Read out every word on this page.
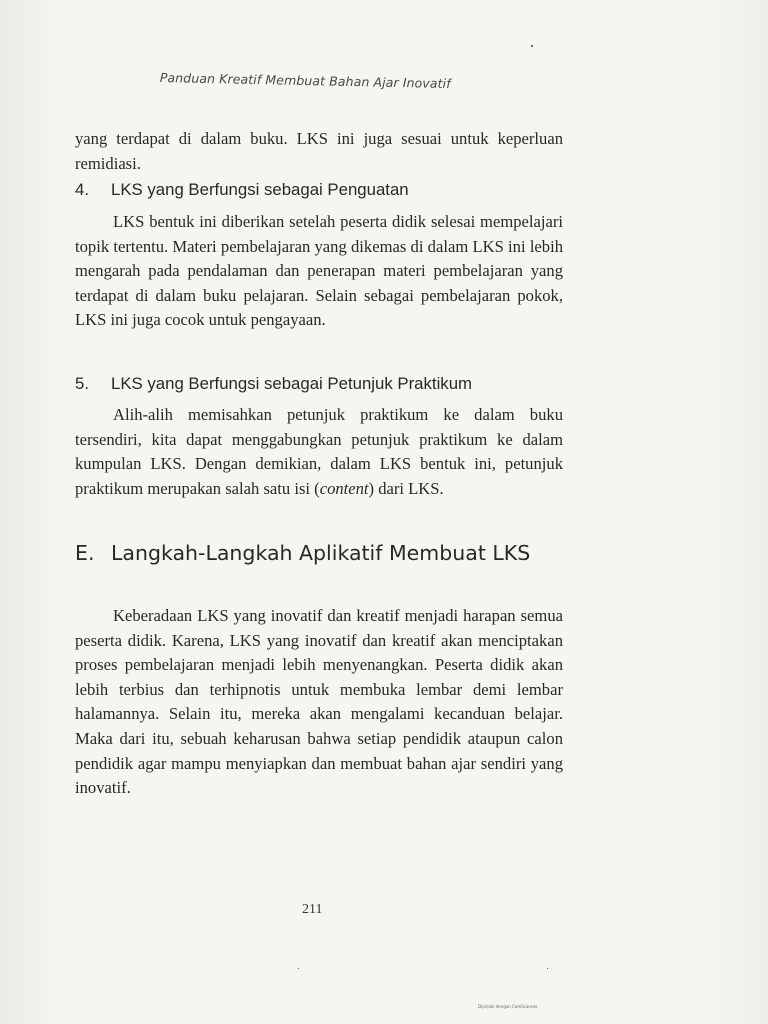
Panduan Kreatif Membuat Bahan Ajar Inovatif

yang terdapat di dalam buku. LKS ini juga sesuai untuk keperluan remidiasi.

4. LKS yang Berfungsi sebagai Penguatan

LKS bentuk ini diberikan setelah peserta didik selesai mempelajari topik tertentu. Materi pembelajaran yang dikemas di dalam LKS ini lebih mengarah pada pendalaman dan penerapan materi pembelajaran yang terdapat di dalam buku pelajaran. Selain sebagai pembelajaran pokok, LKS ini juga cocok untuk pengayaan.

5. LKS yang Berfungsi sebagai Petunjuk Praktikum

Alih-alih memisahkan petunjuk praktikum ke dalam buku tersendiri, kita dapat menggabungkan petunjuk praktikum ke dalam kumpulan LKS. Dengan demikian, dalam LKS bentuk ini, petunjuk praktikum merupakan salah satu isi (content) dari LKS.

E. Langkah-Langkah Aplikatif Membuat LKS

Keberadaan LKS yang inovatif dan kreatif menjadi harapan semua peserta didik. Karena, LKS yang inovatif dan kreatif akan menciptakan proses pembelajaran menjadi lebih menyenangkan. Peserta didik akan lebih terbius dan terhipnotis untuk membuka lembar demi lembar halamannya. Selain itu, mereka akan mengalami kecanduan belajar. Maka dari itu, sebuah keharusan bahwa setiap pendidik ataupun calon pendidik agar mampu menyiapkan dan membuat bahan ajar sendiri yang inovatif.

211
Dipindai dengan CamScanner
